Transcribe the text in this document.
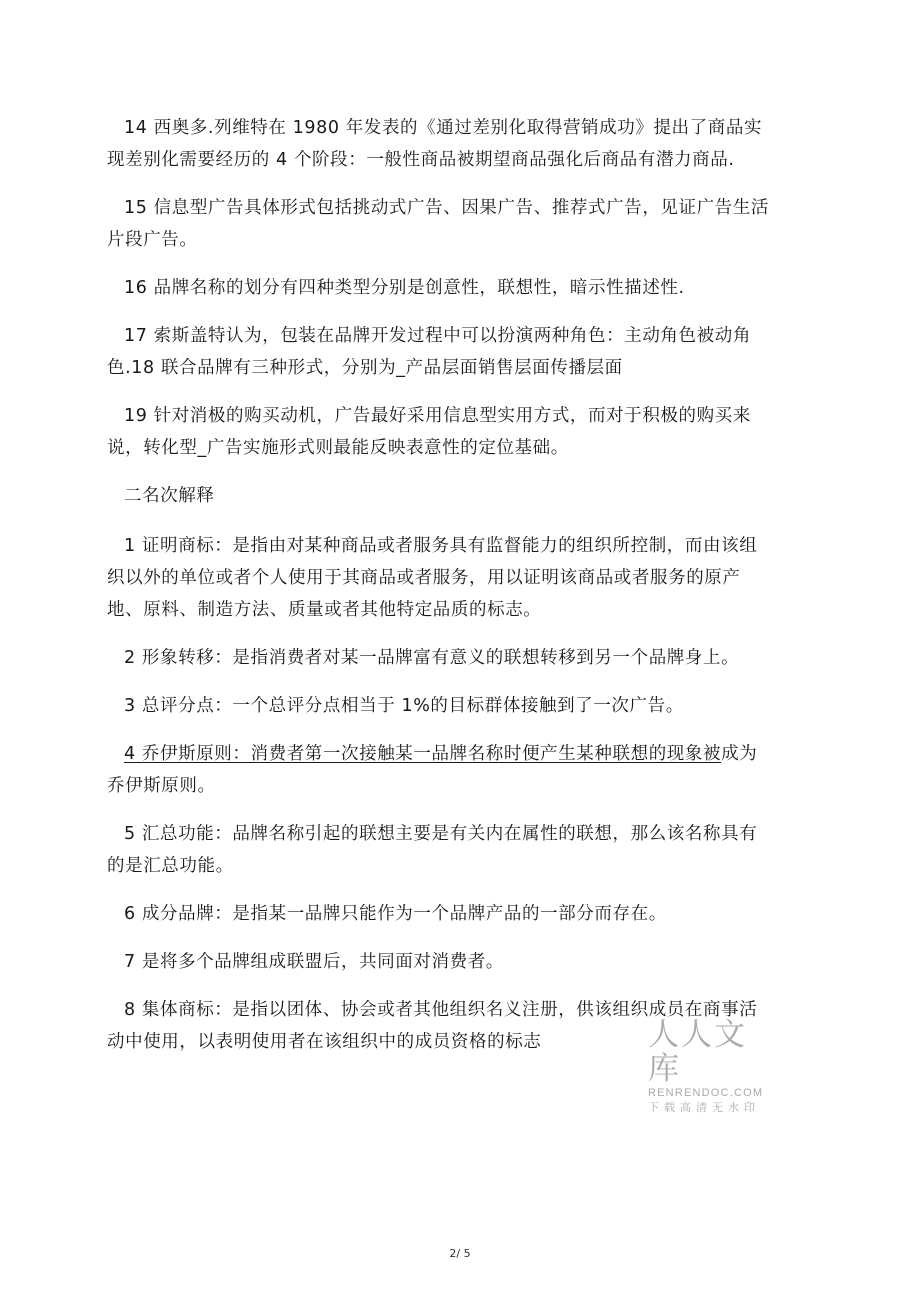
14 西奥多.列维特在 1980 年发表的《通过差别化取得营销成功》提出了商品实现差别化需要经历的 4 个阶段：一般性商品被期望商品强化后商品有潜力商品.

15 信息型广告具体形式包括挑动式广告、因果广告、推荐式广告，见证广告生活片段广告。

16 品牌名称的划分有四种类型分别是创意性，联想性，暗示性描述性.

17 索斯盖特认为，包装在品牌开发过程中可以扮演两种角色：主动角色被动角色.18 联合品牌有三种形式，分别为_产品层面销售层面传播层面

19 针对消极的购买动机，广告最好采用信息型实用方式，而对于积极的购买来说，转化型_广告实施形式则最能反映表意性的定位基础。

二名次解释

1 证明商标：是指由对某种商品或者服务具有监督能力的组织所控制，而由该组织以外的单位或者个人使用于其商品或者服务，用以证明该商品或者服务的原产地、原料、制造方法、质量或者其他特定品质的标志。

2 形象转移：是指消费者对某一品牌富有意义的联想转移到另一个品牌身上。

3 总评分点：一个总评分点相当于 1%的目标群体接触到了一次广告。

4 乔伊斯原则：消费者第一次接触某一品牌名称时便产生某种联想的现象被成为乔伊斯原则。

5 汇总功能：品牌名称引起的联想主要是有关内在属性的联想，那么该名称具有的是汇总功能。

6 成分品牌：是指某一品牌只能作为一个品牌产品的一部分而存在。

7 是将多个品牌组成联盟后，共同面对消费者。

8 集体商标：是指以团体、协会或者其他组织名义注册，供该组织成员在商事活动中使用，以表明使用者在该组织中的成员资格的标志	人人文库
RENRENDOC.COM
下载高清无水印
2/ 5
